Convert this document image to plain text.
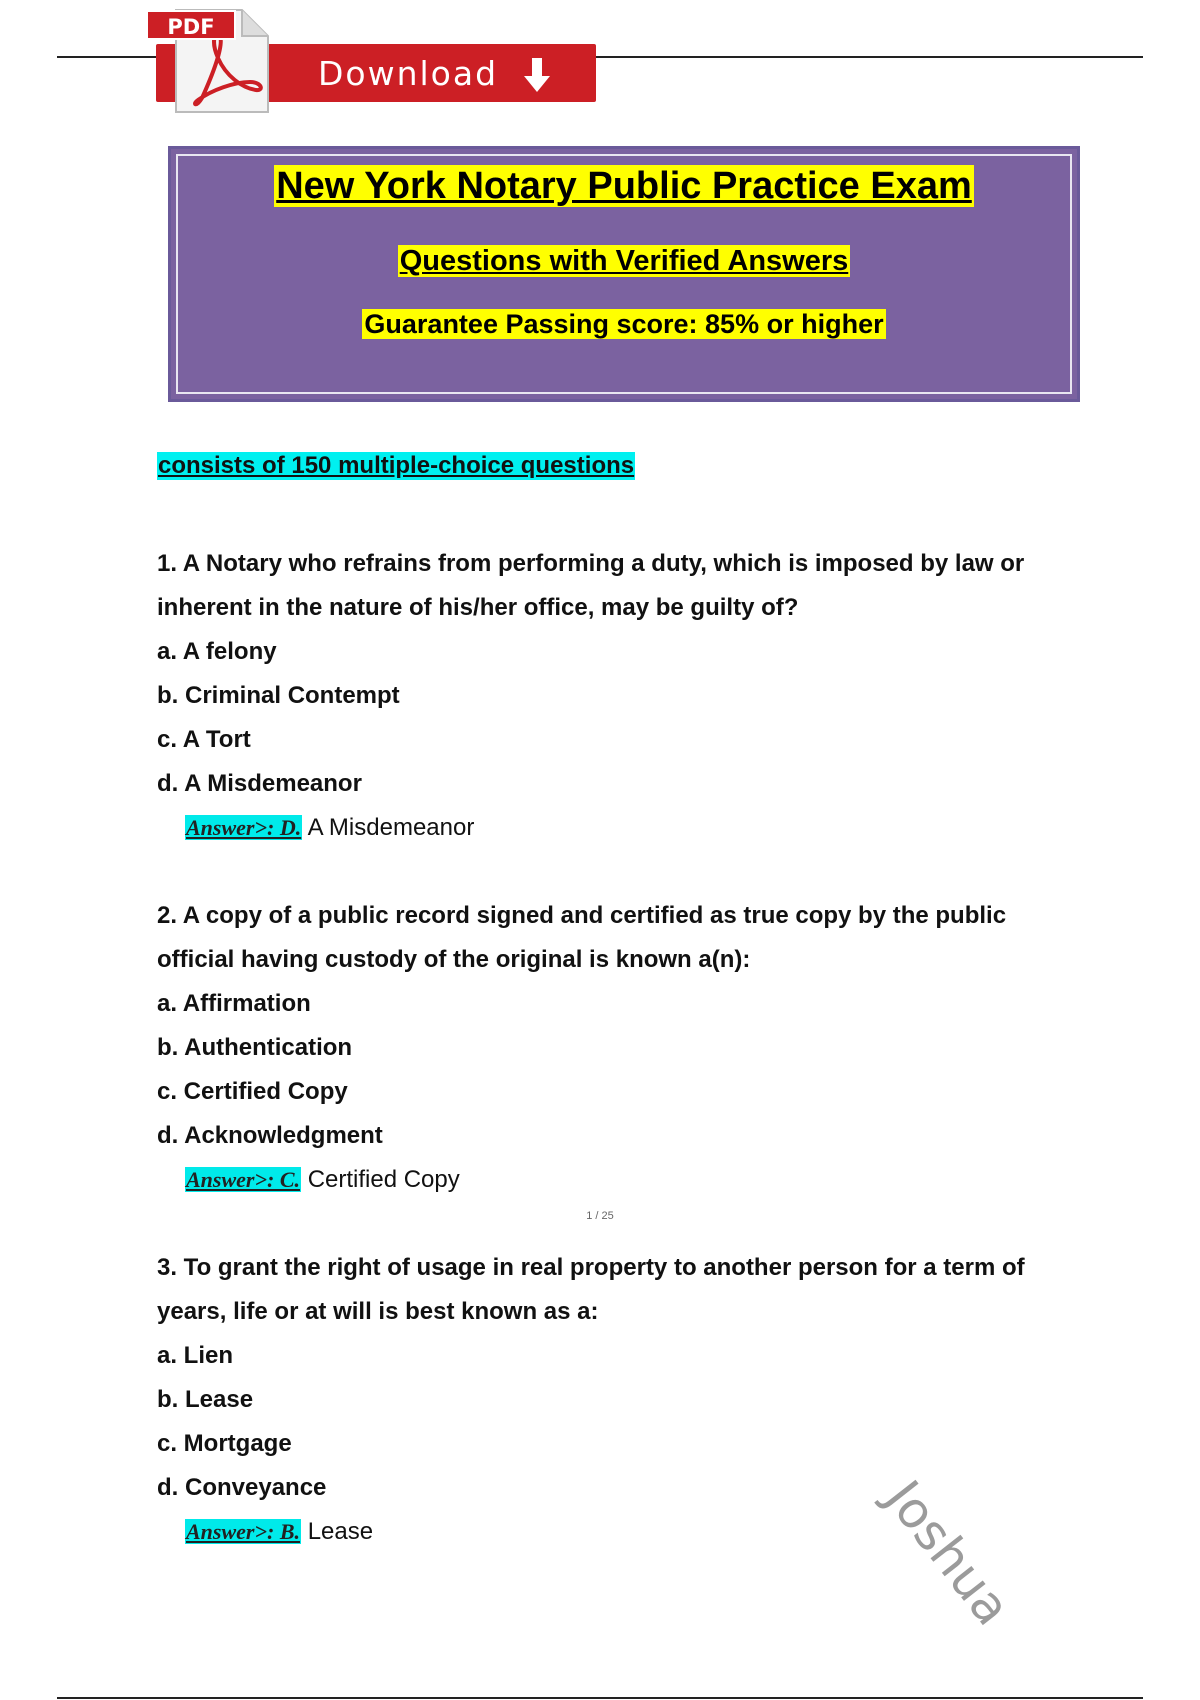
PDF
Download
New York Notary Public Practice Exam
Questions with Verified Answers
Guarantee Passing score: 85% or higher
consists of 150 multiple-choice questions
1. A Notary who refrains from performing a duty, which is imposed by law or
inherent in the nature of his/her office, may be guilty of?
a. A felony
b. Criminal Contempt
c. A Tort
d. A Misdemeanor
Answer>: D. A Misdemeanor
2. A copy of a public record signed and certified as true copy by the public
official having custody of the original is known a(n):
a. Affirmation
b. Authentication
c. Certified Copy
d. Acknowledgment
Answer>: C. Certified Copy
1 / 25
3. To grant the right of usage in real property to another person for a term of
years, life or at will is best known as a:
a. Lien
b. Lease
c. Mortgage
d. Conveyance
Answer>: B. Lease	Joshua
